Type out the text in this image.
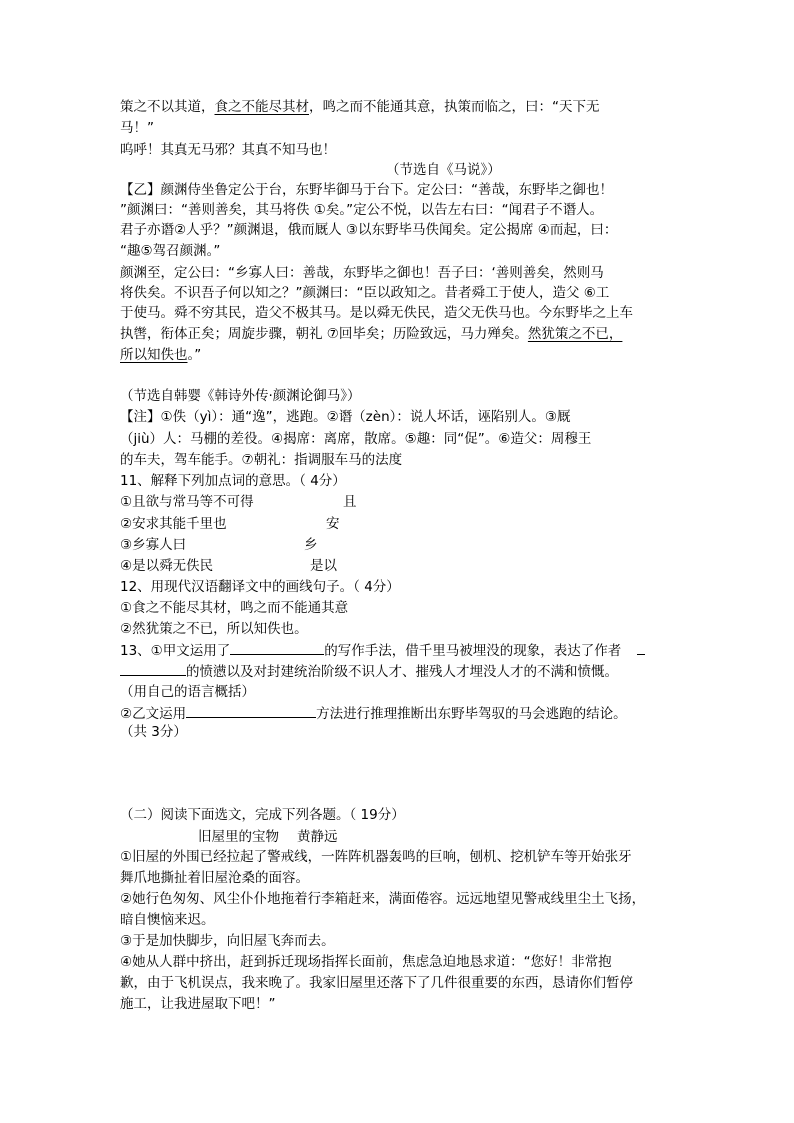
策之不以其道，食之不能尽其材，鸣之而不能通其意，执策而临之，曰：“天下无
马！”
呜呼！其真无马邪？其真不知马也！
（节选自《马说》）
【乙】颜渊侍坐鲁定公于台，东野毕御马于台下。定公曰：“善哉，东野毕之御也！
”颜渊曰：“善则善矣，其马将佚 ①矣。”定公不悦，以告左右曰：“闻君子不谮人。
君子亦谮②人乎？”颜渊退，俄而厩人 ③以东野毕马佚闻矣。定公揭席 ④而起，曰：
“趣⑤驾召颜渊。”
颜渊至，定公曰：“乡寡人曰：善哉，东野毕之御也！吾子曰：‘善则善矣，然则马
将佚矣。不识吾子何以知之？”颜渊曰：“臣以政知之。昔者舜工于使人，造父 ⑥工
于使马。舜不穷其民，造父不极其马。是以舜无佚民，造父无佚马也。今东野毕之上车
执辔，衔体正矣；周旋步骤，朝礼 ⑦回毕矣；历险致远，马力殚矣。然犹策之不已，
所以知佚也。”
（节选自韩婴《韩诗外传·颜渊论御马》）
【注】①佚（yì）：通“逸”，逃跑。②谮（zèn）：说人坏话，诬陷别人。③厩
（jiù）人：马棚的差役。④揭席：离席，散席。⑤趣：同“促”。⑥造父：周穆王
的车夫，驾车能手。⑦朝礼：指调服车马的法度
11、解释下列加点词的意思。（ 4分）
①且欲与常马等不可得	且
②安求其能千里也	安
③乡寡人曰	乡
④是以舜无佚民	是以
12、用现代汉语翻译文中的画线句子。（ 4分）
①食之不能尽其材，鸣之而不能通其意
②然犹策之不已，所以知佚也。
13、①甲文运用了	的写作手法，借千里马被埋没的现象，表达了作者
的愤懑以及对封建统治阶级不识人才、摧残人才埋没人才的不满和愤慨。
（用自己的语言概括）
②乙文运用	方法进行推理推断出东野毕驾驭的马会逃跑的结论。
（共 3分）
（二）阅读下面选文，完成下列各题。（ 19分）
旧屋里的宝物 黄静远
①旧屋的外围已经拉起了警戒线，一阵阵机器轰鸣的巨响，刨机、挖机铲车等开始张牙
舞爪地撕扯着旧屋沧桑的面容。
②她行色匆匆、风尘仆仆地拖着行李箱赶来，满面倦容。远远地望见警戒线里尘土飞扬，
暗自懊恼来迟。
③于是加快脚步，向旧屋飞奔而去。
④她从人群中挤出，赶到拆迁现场指挥长面前，焦虑急迫地恳求道：“您好！非常抱
歉，由于飞机误点，我来晚了。我家旧屋里还落下了几件很重要的东西，恳请你们暂停
施工，让我进屋取下吧！”
